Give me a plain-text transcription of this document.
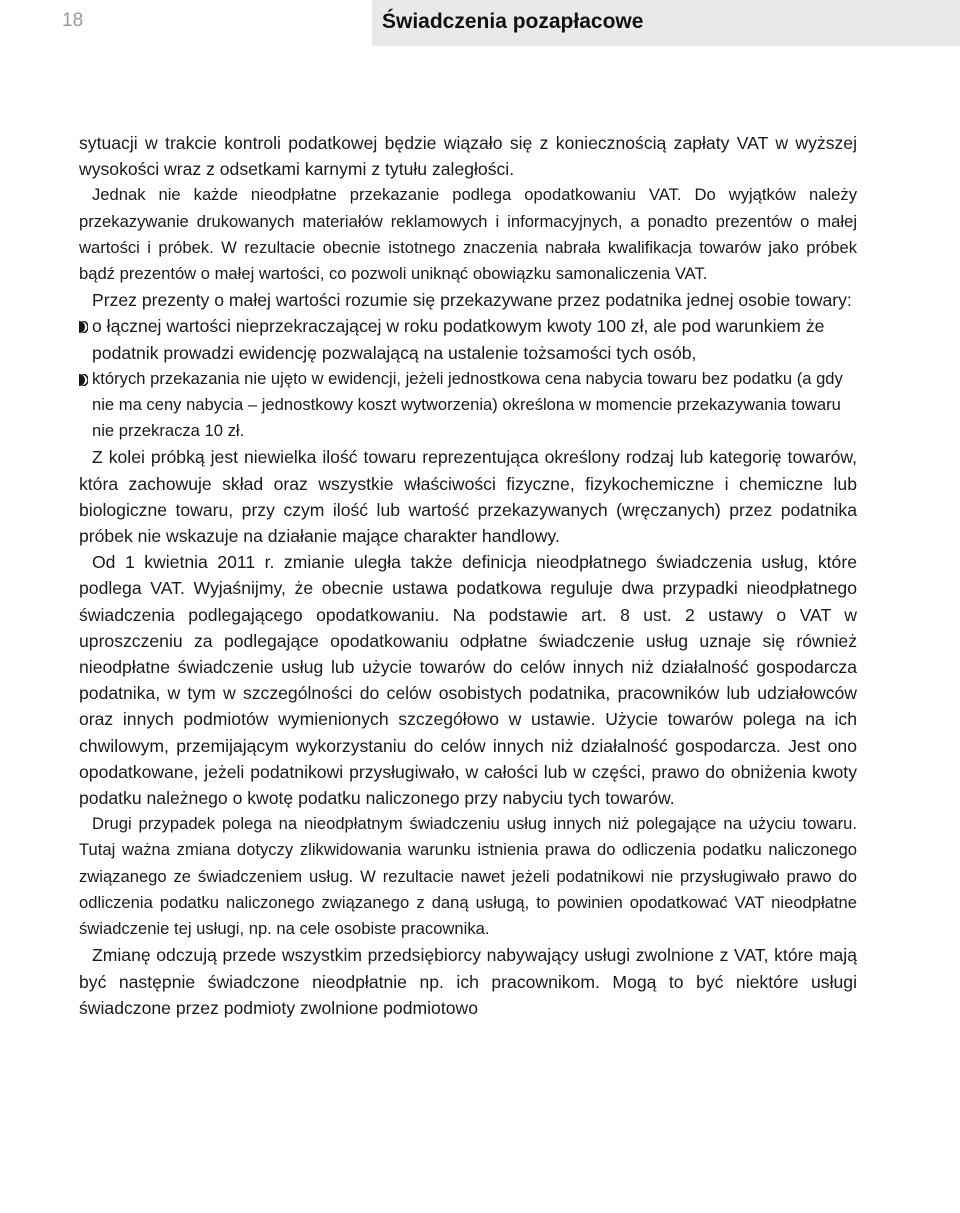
18	Świadczenia pozapłacowe

sytuacji w trakcie kontroli podatkowej będzie wiązało się z koniecznością zapłaty VAT w wyższej wysokości wraz z odsetkami karnymi z tytułu zaległości.

Jednak nie każde nieodpłatne przekazanie podlega opodatkowaniu VAT. Do wyjątków należy przekazywanie drukowanych materiałów reklamowych i informacyjnych, a ponadto prezentów o małej wartości i próbek. W rezultacie obecnie istotnego znaczenia nabrała kwalifikacja towarów jako próbek bądź prezentów o małej wartości, co pozwoli uniknąć obowiązku samonaliczenia VAT.

Przez prezenty o małej wartości rozumie się przekazywane przez podatnika jednej osobie towary:

o łącznej wartości nieprzekraczającej w roku podatkowym kwoty 100 zł, ale pod warunkiem że podatnik prowadzi ewidencję pozwalającą na ustalenie tożsamości tych osób,
których przekazania nie ujęto w ewidencji, jeżeli jednostkowa cena nabycia towaru bez podatku (a gdy nie ma ceny nabycia – jednostkowy koszt wytworzenia) określona w momencie przekazywania towaru nie przekracza 10 zł.

Z kolei próbką jest niewielka ilość towaru reprezentująca określony rodzaj lub kategorię towarów, która zachowuje skład oraz wszystkie właściwości fizyczne, fizykochemiczne i chemiczne lub biologiczne towaru, przy czym ilość lub wartość przekazywanych (wręczanych) przez podatnika próbek nie wskazuje na działanie mające charakter handlowy.

Od 1 kwietnia 2011 r. zmianie uległa także definicja nieodpłatnego świadczenia usług, które podlega VAT. Wyjaśnijmy, że obecnie ustawa podatkowa reguluje dwa przypadki nieodpłatnego świadczenia podlegającego opodatkowaniu. Na podstawie art. 8 ust. 2 ustawy o VAT w uproszczeniu za podlegające opodatkowaniu odpłatne świadczenie usług uznaje się również nieodpłatne świadczenie usług lub użycie towarów do celów innych niż działalność gospodarcza podatnika, w tym w szczególności do celów osobistych podatnika, pracowników lub udziałowców oraz innych podmiotów wymienionych szczegółowo w ustawie. Użycie towarów polega na ich chwilowym, przemijającym wykorzystaniu do celów innych niż działalność gospodarcza. Jest ono opodatkowane, jeżeli podatnikowi przysługiwało, w całości lub w części, prawo do obniżenia kwoty podatku należnego o kwotę podatku naliczonego przy nabyciu tych towarów.

Drugi przypadek polega na nieodpłatnym świadczeniu usług innych niż polegające na użyciu towaru. Tutaj ważna zmiana dotyczy zlikwidowania warunku istnienia prawa do odliczenia podatku naliczonego związanego ze świadczeniem usług. W rezultacie nawet jeżeli podatnikowi nie przysługiwało prawo do odliczenia podatku naliczonego związanego z daną usługą, to powinien opodatkować VAT nieodpłatne świadczenie tej usługi, np. na cele osobiste pracownika.

Zmianę odczują przede wszystkim przedsiębiorcy nabywający usługi zwolnione z VAT, które mają być następnie świadczone nieodpłatnie np. ich pracownikom. Mogą to być niektóre usługi świadczone przez podmioty zwolnione podmiotowo
